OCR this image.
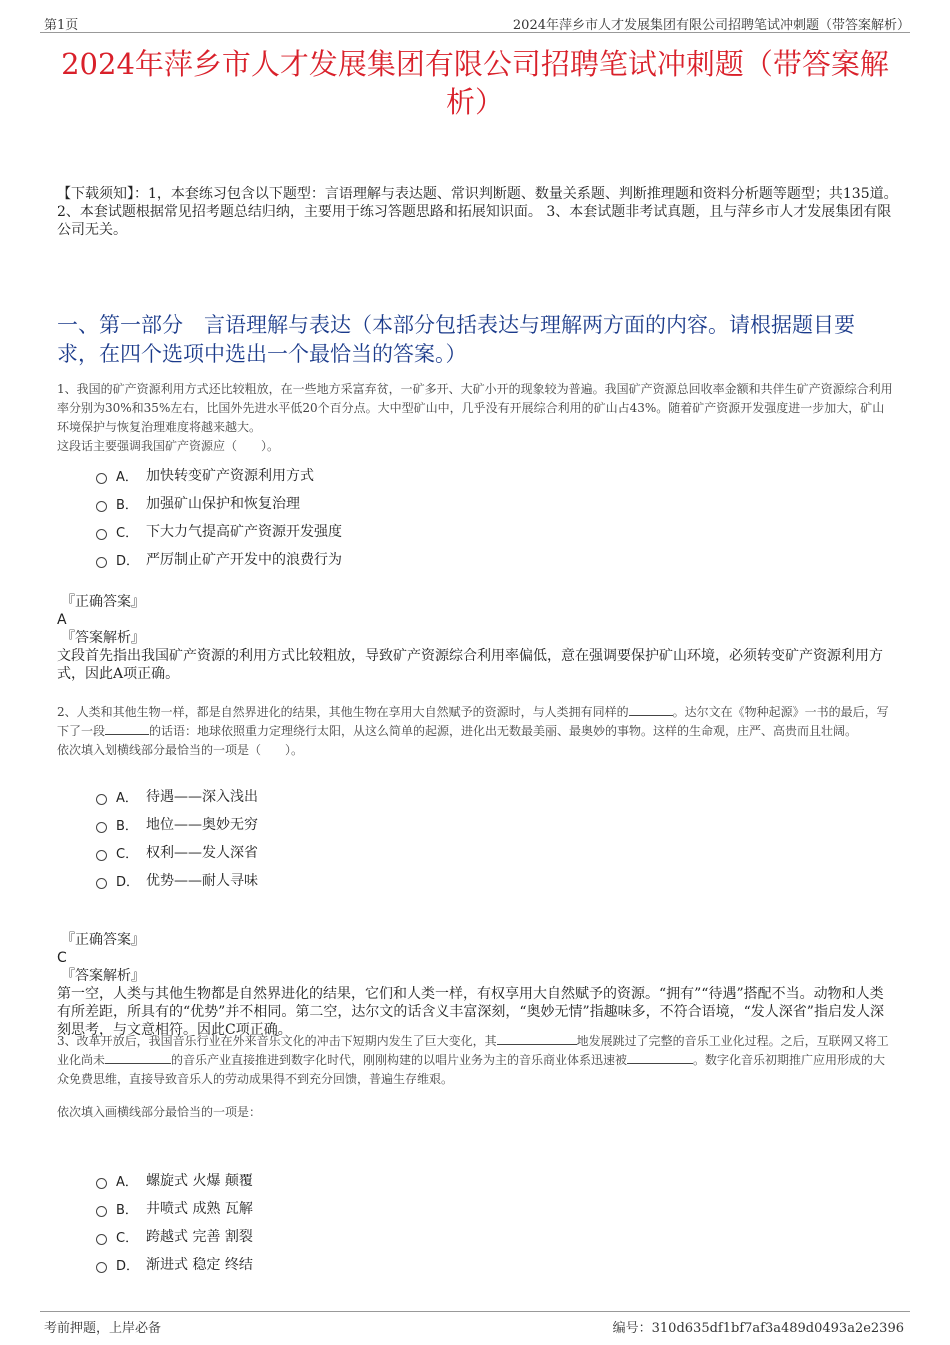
第1页	2024年萍乡市人才发展集团有限公司招聘笔试冲刺题（带答案解析）
2024年萍乡市人才发展集团有限公司招聘笔试冲刺题（带答案解析）
【下载须知】：1，本套练习包含以下题型：言语理解与表达题、常识判断题、数量关系题、判断推理题和资料分析题等题型；共135道。 2、本套试题根据常见招考题总结归纳，主要用于练习答题思路和拓展知识面。 3、本套试题非考试真题，且与萍乡市人才发展集团有限公司无关。
一、第一部分　言语理解与表达（本部分包括表达与理解两方面的内容。请根据题目要求，在四个选项中选出一个最恰当的答案。）
1、我国的矿产资源利用方式还比较粗放，在一些地方采富弃贫，一矿多开、大矿小开的现象较为普遍。我国矿产资源总回收率金额和共伴生矿产资源综合利用率分别为30%和35%左右，比国外先进水平低20个百分点。大中型矿山中，几乎没有开展综合利用的矿山占43%。随着矿产资源开发强度进一步加大，矿山环境保护与恢复治理难度将越来越大。
这段话主要强调我国矿产资源应（　　）。
A． 加快转变矿产资源利用方式
B． 加强矿山保护和恢复治理
C． 下大力气提高矿产资源开发强度
D． 严厉制止矿产开发中的浪费行为
『正确答案』
A
『答案解析』
文段首先指出我国矿产资源的利用方式比较粗放，导致矿产资源综合利用率偏低，意在强调要保护矿山环境，必须转变矿产资源利用方式，因此A项正确。
2、人类和其他生物一样，都是自然界进化的结果，其他生物在享用大自然赋予的资源时，与人类拥有同样的	。达尔文在《物种起源》一书的最后，写下了一段	的话语：地球依照重力定理绕行太阳，从这么简单的起源，进化出无数最美丽、最奥妙的事物。这样的生命观，庄严、高贵而且壮阔。
依次填入划横线部分最恰当的一项是（　　）。
A． 待遇——深入浅出
B． 地位——奥妙无穷
C． 权利——发人深省
D． 优势——耐人寻味
『正确答案』
C
『答案解析』
第一空，人类与其他生物都是自然界进化的结果，它们和人类一样，有权享用大自然赋予的资源。“拥有”“待遇”搭配不当。动物和人类有所差距，所具有的“优势”并不相同。第二空，达尔文的话含义丰富深刻，“奥妙无情”指趣味多，不符合语境，“发人深省”指启发人深刻思考，与文意相符。因此C项正确。
3、改革开放后，我国音乐行业在外来音乐文化的冲击下短期内发生了巨大变化，其	地发展跳过了完整的音乐工业化过程。之后，互联网又将工业化尚未	的音乐产业直接推进到数字化时代，刚刚构建的以唱片业务为主的音乐商业体系迅速被	。数字化音乐初期推广应用形成的大众免费思维，直接导致音乐人的劳动成果得不到充分回馈，普遍生存维艰。
依次填入画横线部分最恰当的一项是：
A． 螺旋式 火爆 颠覆
B． 井喷式 成熟 瓦解
C． 跨越式 完善 割裂
D． 渐进式 稳定 终结
考前押题，上岸必备	编号：310d635df1bf7af3a489d0493a2e2396
